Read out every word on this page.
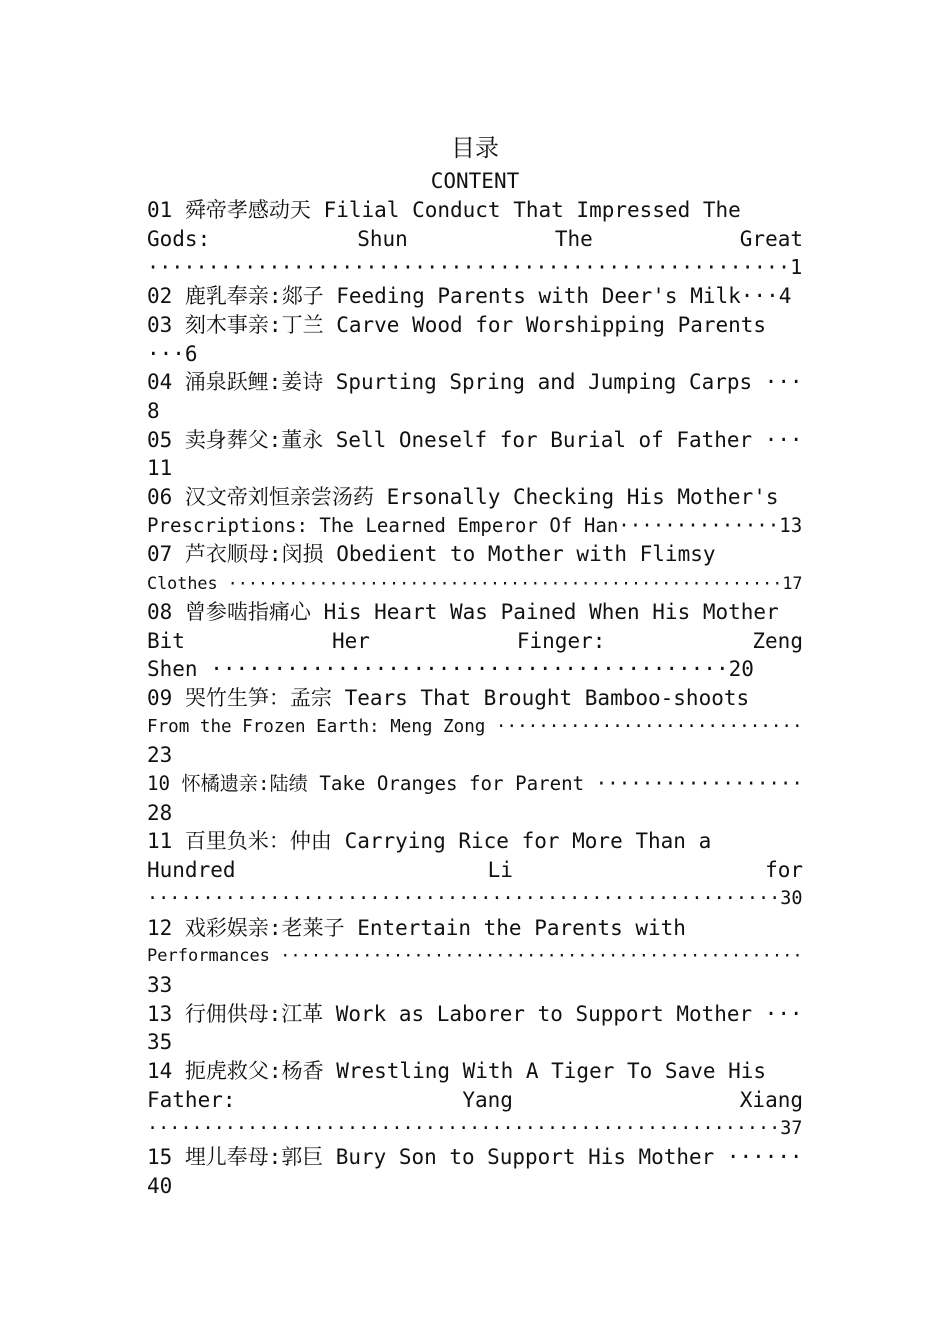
目录
CONTENT
01 舜帝孝感动天 Filial Conduct That Impressed The
Gods:	Shun	The	Great
·····················································1
02 鹿乳奉亲:郯子 Feeding Parents with Deer's Milk···4
03 刻木事亲:丁兰 Carve Wood for Worshipping Parents
···6
04 涌泉跃鲤:姜诗 Spurting Spring and Jumping Carps ···
8
05 卖身葬父:董永 Sell Oneself for Burial of Father ···
11
06 汉文帝刘恒亲尝汤药 Ersonally Checking His Mother's
Prescriptions: The Learned Emperor Of Han··············13
07 芦衣顺母:闵损 Obedient to Mother with Flimsy
Clothes ·······················································17
08 曾参啮指痛心 His Heart Was Pained When His Mother
Bit	Her	Finger:	Zeng
Shen ·········································20
09 哭竹生笋：孟宗 Tears That Brought Bamboo-shoots
From the Frozen Earth: Meng Zong ·····························
23
10 怀橘遗亲:陆绩 Take Oranges for Parent ··················
28
11 百里负米：仲由 Carrying Rice for More Than a
Hundred	Li	for
·························································30
12 戏彩娱亲:老莱子 Entertain the Parents with
Performances ···················································
33
13 行佣供母:江革 Work as Laborer to Support Mother ···
35
14 扼虎救父:杨香 Wrestling With A Tiger To Save His
Father:	Yang	Xiang
·························································37
15 埋儿奉母:郭巨 Bury Son to Support His Mother ······
40
